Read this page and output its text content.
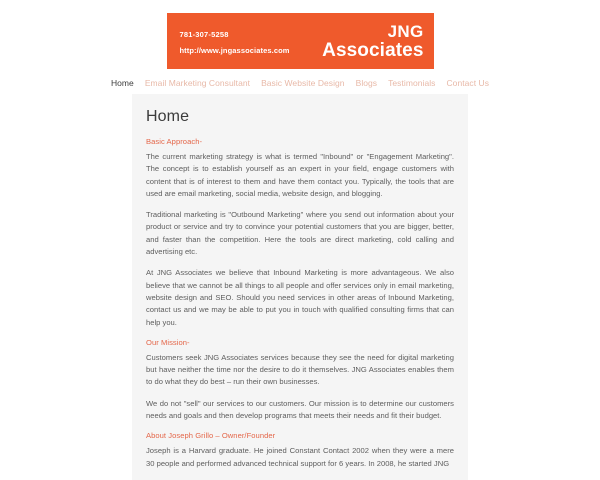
781-307-5258
http://www.jngassociates.com
JNG
Associates
Home Email Marketing Consultant Basic Website Design Blogs Testimonials Contact Us
Home

Basic Approach-

The current marketing strategy is what is termed "Inbound" or "Engagement Marketing". The concept is to establish yourself as an expert in your field, engage customers with content that is of interest to them and have them contact you. Typically, the tools that are used are email marketing, social media, website design, and blogging.

Traditional marketing is "Outbound Marketing" where you send out information about your product or service and try to convince your potential customers that you are bigger, better, and faster than the competition. Here the tools are direct marketing, cold calling and advertising etc.

At JNG Associates we believe that Inbound Marketing is more advantageous. We also believe that we cannot be all things to all people and offer services only in email marketing, website design and SEO. Should you need services in other areas of Inbound Marketing, contact us and we may be able to put you in touch with qualified consulting firms that can help you.

Our Mission-

Customers seek JNG Associates services because they see the need for digital marketing but have neither the time nor the desire to do it themselves. JNG Associates enables them to do what they do best – run their own businesses.

We do not "sell" our services to our customers. Our mission is to determine our customers needs and goals and then develop programs that meets their needs and fit their budget.

About Joseph Grillo – Owner/Founder

Joseph is a Harvard graduate. He joined Constant Contact 2002 when they were a mere 30 people and performed advanced technical support for 6 years. In 2008, he started JNG
